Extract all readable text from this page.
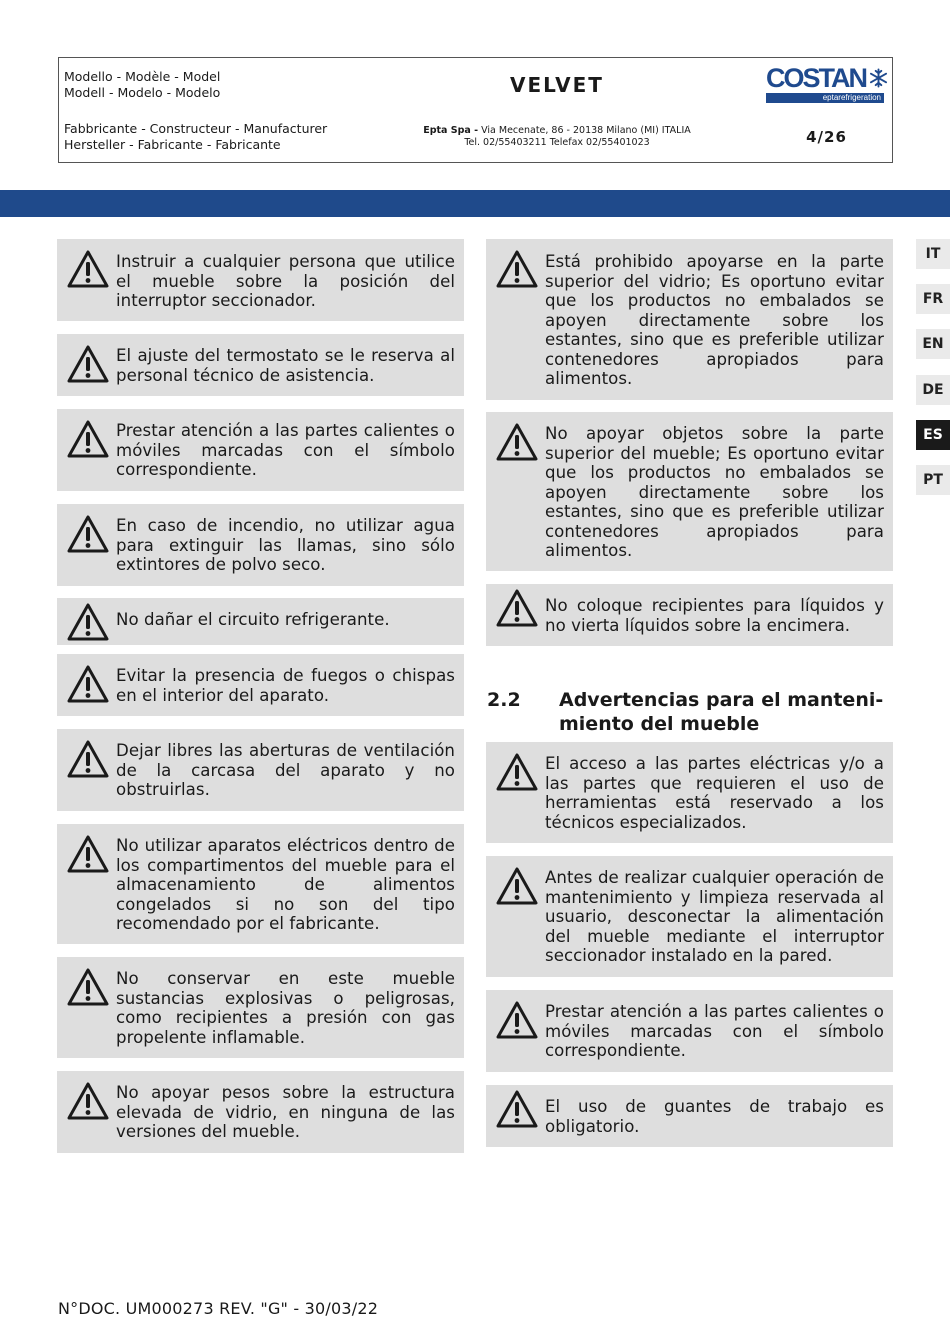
Modello - Modèle - Model
Modell - Modelo - Modelo	VELVET	COSTAN
eptarefrigeration
Fabbricante - Constructeur - Manufacturer
Hersteller - Fabricante - Fabricante
Epta Spa - Via Mecenate, 86 - 20138 Milano (MI) ITALIA
Tel. 02/55403211 Telefax 02/55401023	4/26
IT
FR
EN
DE
ES
PT
Instruir a cualquier persona que utilice el mueble sobre la posición del interruptor seccionador.
El ajuste del termostato se le reserva al personal técnico de asistencia.
Prestar atención a las partes calientes o móviles marcadas con el símbolo correspondiente.
En caso de incendio, no utilizar agua para extinguir las llamas, sino sólo extintores de polvo seco.
No dañar el circuito refrigerante.
Evitar la presencia de fuegos o chispas en el interior del aparato.
Dejar libres las aberturas de ventilación de la carcasa del aparato y no obstruirlas.
No utilizar aparatos eléctricos dentro de los compartimentos del mueble para el almacenamiento de alimentos congelados si no son del tipo recomendado por el fabricante.
No conservar en este mueble sustancias explosivas o peligrosas, como recipientes a presión con gas propelente inflamable.
No apoyar pesos sobre la estructura elevada de vidrio, en ninguna de las versiones del mueble.
Está prohibido apoyarse en la parte superior del vidrio; Es oportuno evitar que los productos no embalados se apoyen directamente sobre los estantes, sino que es preferible utilizar contenedores apropiados para alimentos.
No apoyar objetos sobre la parte superior del mueble; Es oportuno evitar que los productos no embalados se apoyen directamente sobre los estantes, sino que es preferible utilizar contenedores apropiados para alimentos.
No coloque recipientes para líquidos y no vierta líquidos sobre la encimera.
2.2 Advertencias para el manteni-
miento del mueble
El acceso a las partes eléctricas y/o a las partes que requieren el uso de herramientas está reservado a los técnicos especializados.
Antes de realizar cualquier operación de mantenimiento y limpieza reservada al usuario, desconectar la alimentación del mueble mediante el interruptor seccionador instalado en la pared.
Prestar atención a las partes calientes o móviles marcadas con el símbolo correspondiente.
El uso de guantes de trabajo es obligatorio.
N°DOC. UM000273 REV. "G" - 30/03/22
